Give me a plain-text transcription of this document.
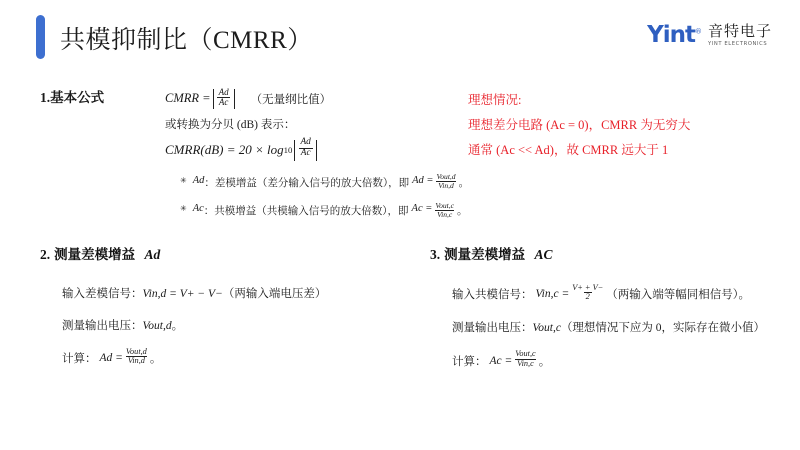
共模抑制比（CMRR）	Yint® 音特电子
YINT ELECTRONICS
1.基本公式	CMRR = $\frac{Ad}{Ac}$ （无量纲比值）
或转换为分贝 (dB) 表示：
CMRR(dB) = $20 \times \log 10 \frac{Ad}{Ac}$
✳ Ad ：差模增益（差分输入信号的放大倍数），即 $Ad = \frac{\text{Vout,d}}{\text{Vin,d}}$ 。
✳ Ac ：共模增益（共模输入信号的放大倍数），即 $Ac = \frac{\text{Vout,c}}{\text{Vin,c}}$ 。
理想情况:
理想差分电路 (Ac = 0)，CMRR 为无穷大
通常 (Ac << Ad)，故 CMRR 远大于 1
2. 测量差模增益 Ad
输入差模信号：Vin,d = V+ − V−（两输入端电压差）
测量输出电压：Vout,d。
计算： $Ad = \frac{\text{Vout,d}}{\text{Vin,d}}$ 。
3. 测量差模增益 AC
输入共模信号： $Vin,c = \frac{V+ + V-}{2}$ （两输入端等幅同相信号）。
测量输出电压：Vout,c（理想情况下应为 0，实际存在微小值）
计算： $Ac = \frac{\text{Vout,c}}{\text{Vin,c}}$ 。
